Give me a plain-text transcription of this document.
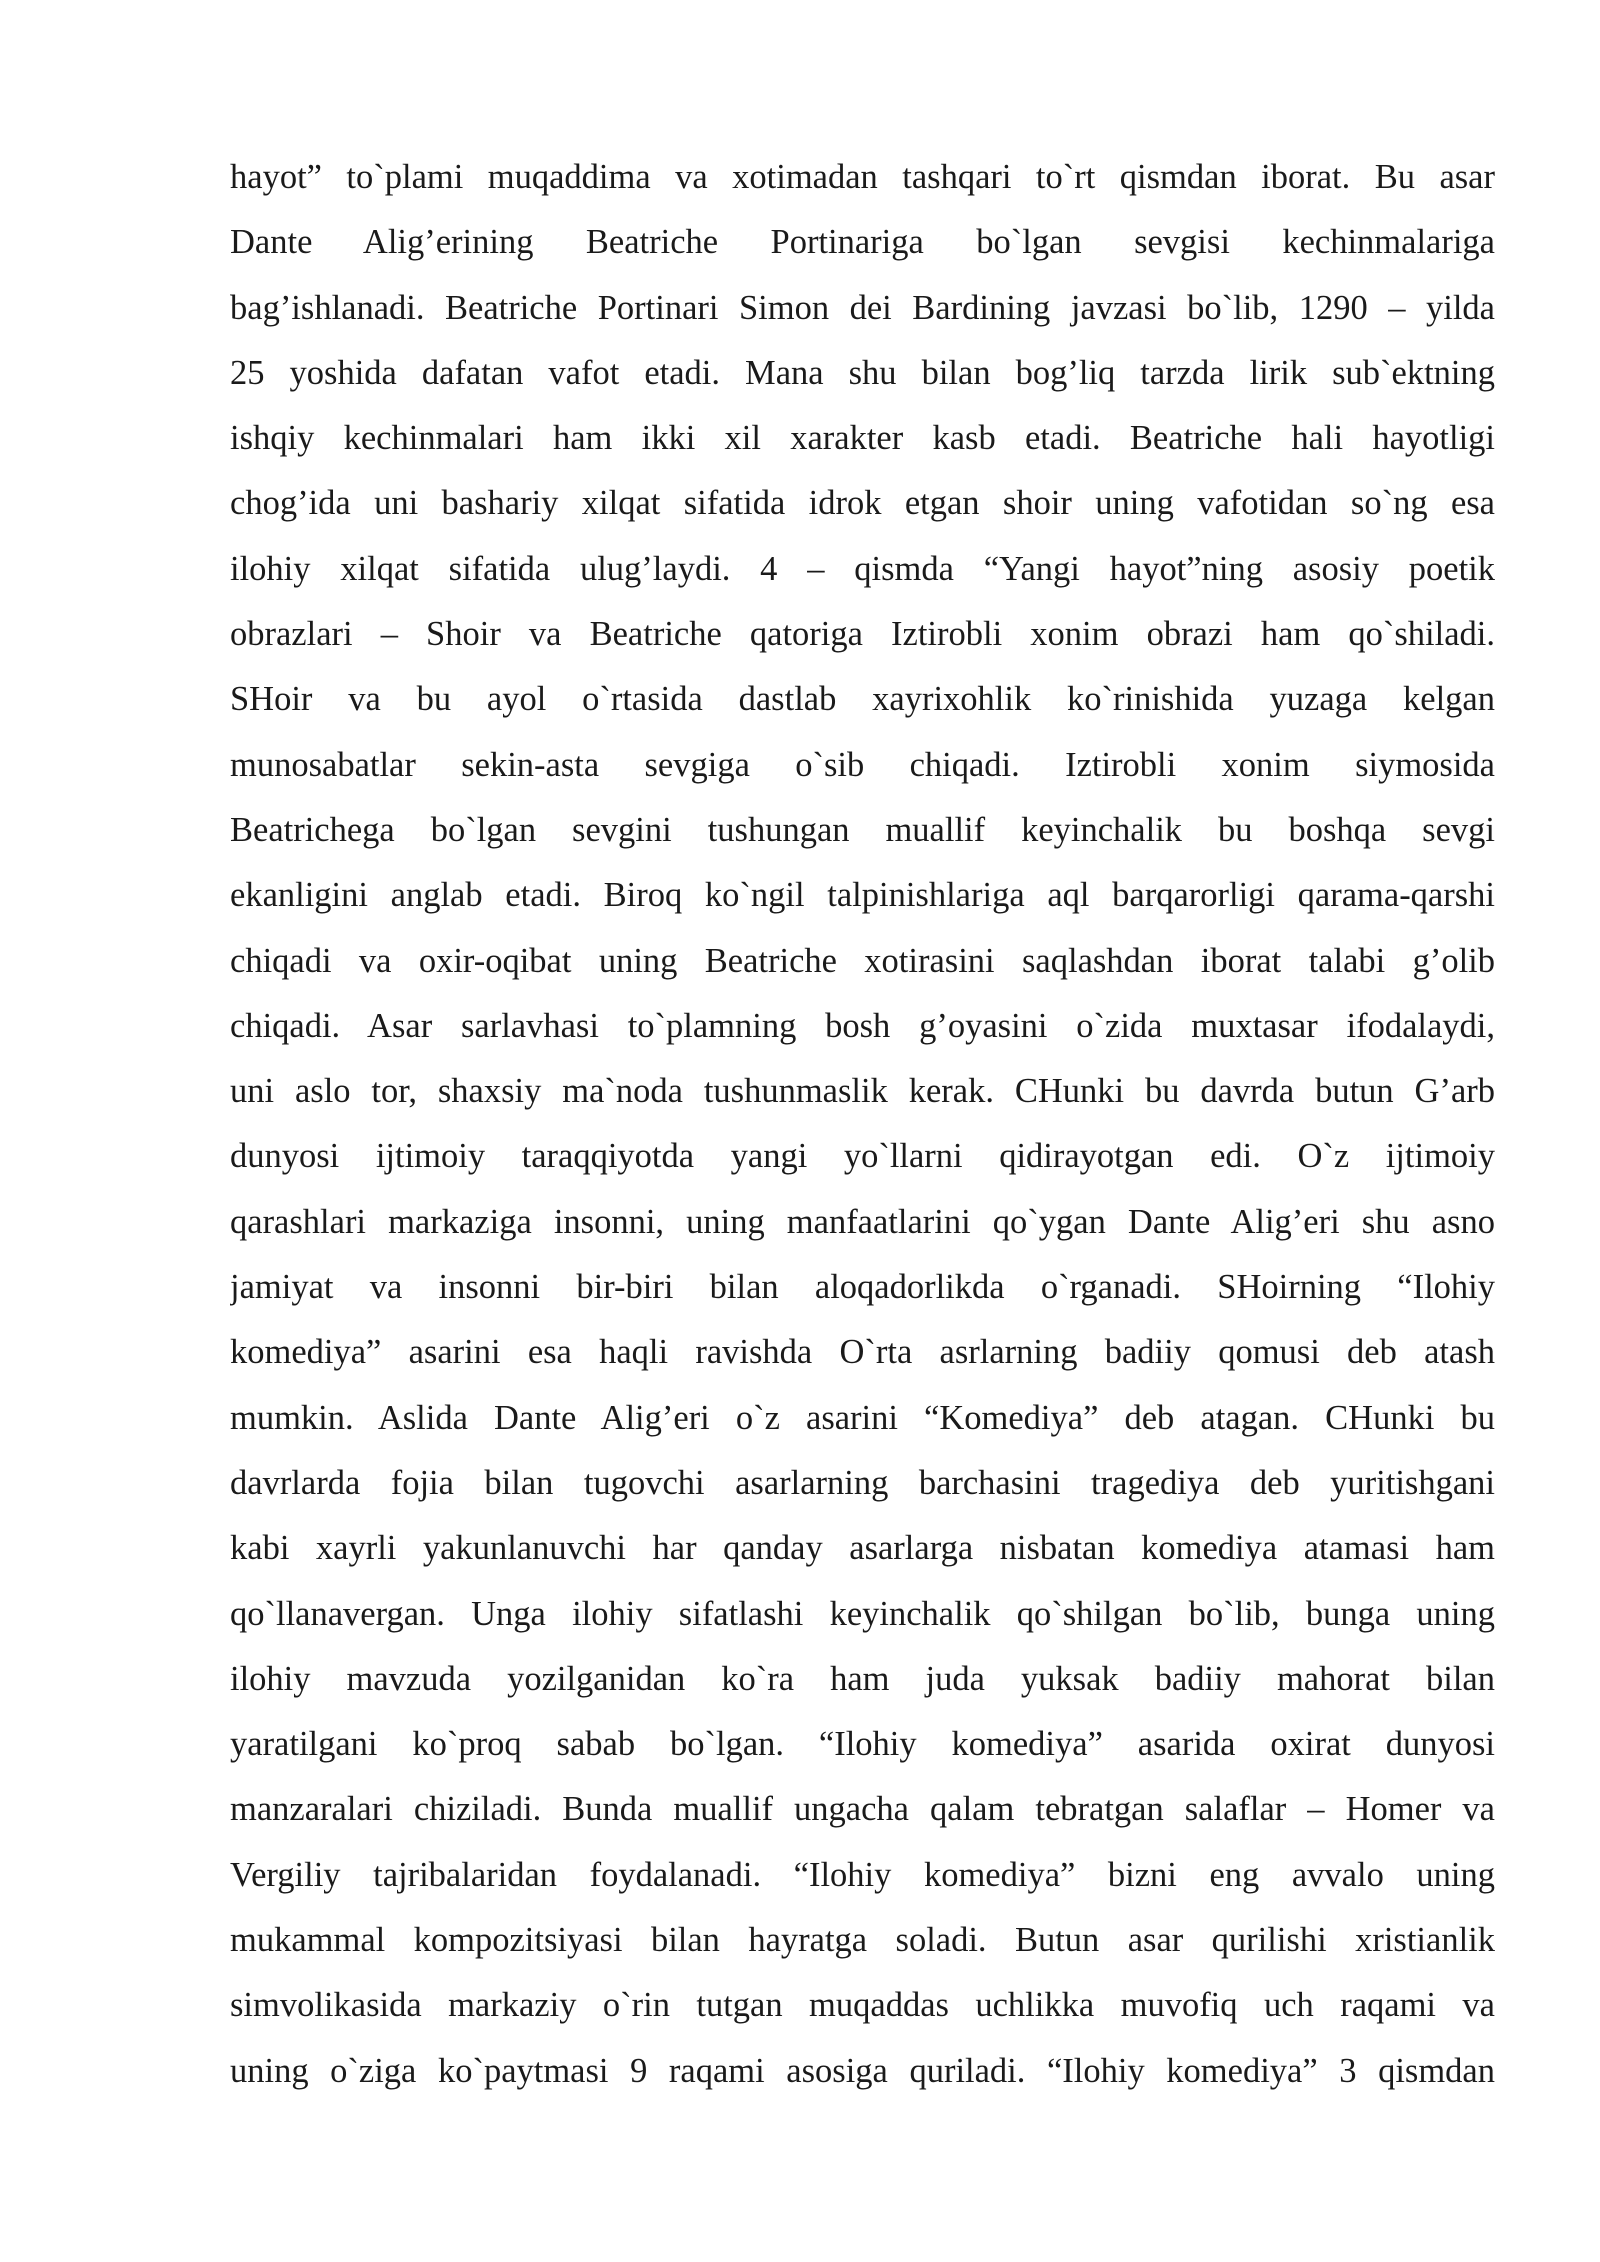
hayot” to`plami muqaddima va xotimadan tashqari to`rt qismdan iborat. Bu asar
Dante Alig’erining Beatriche Portinariga bo`lgan sevgisi kechinmalariga
bag’ishlanadi. Beatriche Portinari Simon dei Bardining javzasi bo`lib, 1290 – yilda
25 yoshida dafatan vafot etadi. Mana shu bilan bog’liq tarzda lirik sub`ektning
ishqiy kechinmalari ham ikki xil xarakter kasb etadi. Beatriche hali hayotligi
chog’ida uni bashariy xilqat sifatida idrok etgan shoir uning vafotidan so`ng esa
ilohiy xilqat sifatida ulug’laydi. 4 – qismda “Yangi hayot”ning asosiy poetik
obrazlari – Shoir va Beatriche qatoriga Iztirobli xonim obrazi ham qo`shiladi.
SHoir va bu ayol o`rtasida dastlab xayrixohlik ko`rinishida yuzaga kelgan
munosabatlar sekin-asta sevgiga o`sib chiqadi. Iztirobli xonim siymosida
Beatrichega bo`lgan sevgini tushungan muallif keyinchalik bu boshqa sevgi
ekanligini anglab etadi. Biroq ko`ngil talpinishlariga aql barqarorligi qarama-qarshi
chiqadi va oxir-oqibat uning Beatriche xotirasini saqlashdan iborat talabi g’olib
chiqadi. Asar sarlavhasi to`plamning bosh g’oyasini o`zida muxtasar ifodalaydi,
uni aslo tor, shaxsiy ma`noda tushunmaslik kerak. CHunki bu davrda butun G’arb
dunyosi ijtimoiy taraqqiyotda yangi yo`llarni qidirayotgan edi. O`z ijtimoiy
qarashlari markaziga insonni, uning manfaatlarini qo`ygan Dante Alig’eri shu asno
jamiyat va insonni bir-biri bilan aloqadorlikda o`rganadi. SHoirning “Ilohiy
komediya” asarini esa haqli ravishda O`rta asrlarning badiiy qomusi deb atash
mumkin. Aslida Dante Alig’eri o`z asarini “Komediya” deb atagan. CHunki bu
davrlarda fojia bilan tugovchi asarlarning barchasini tragediya deb yuritishgani
kabi xayrli yakunlanuvchi har qanday asarlarga nisbatan komediya atamasi ham
qo`llanavergan. Unga ilohiy sifatlashi keyinchalik qo`shilgan bo`lib, bunga uning
ilohiy mavzuda yozilganidan ko`ra ham juda yuksak badiiy mahorat bilan
yaratilgani ko`proq sabab bo`lgan. “Ilohiy komediya” asarida oxirat dunyosi
manzaralari chiziladi. Bunda muallif ungacha qalam tebratgan salaflar – Homer va
Vergiliy tajribalaridan foydalanadi. “Ilohiy komediya” bizni eng avvalo uning
mukammal kompozitsiyasi bilan hayratga soladi. Butun asar qurilishi xristianlik
simvolikasida markaziy o`rin tutgan muqaddas uchlikka muvofiq uch raqami va
uning o`ziga ko`paytmasi 9 raqami asosiga quriladi. “Ilohiy komediya” 3 qismdan
